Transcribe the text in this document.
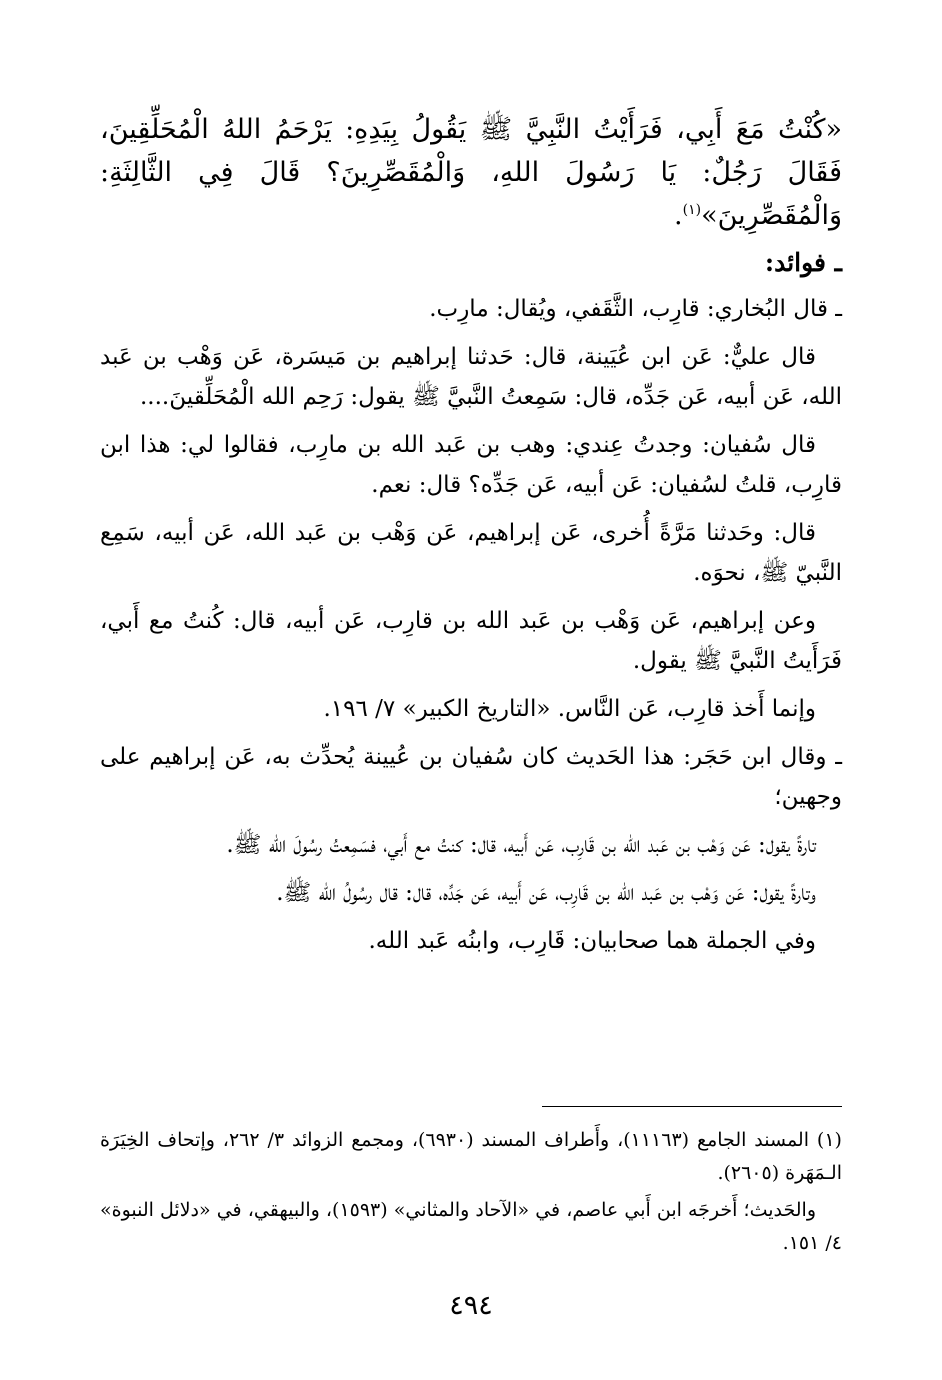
«كُنْتُ مَعَ أَبِي، فَرَأَيْتُ النَّبِيَّ ﷺ يَقُولُ بِيَدِهِ: يَرْحَمُ اللهُ الْمُحَلِّقِينَ، فَقَالَ رَجُلٌ: يَا رَسُولَ اللهِ، وَالْمُقَصِّرِينَ؟ قَالَ فِي الثَّالِثَةِ: وَالْمُقَصِّرِينَ»$^{(١)}$.

ـ فوائد:

ـ قال البُخاري: قارِب، الثَّقَفي، ويُقال: مارِب.

قال عليٌّ: عَن ابن عُيَينة، قال: حَدثنا إبراهيم بن مَيسَرة، عَن وَهْب بن عَبد الله، عَن أبيه، عَن جَدِّه، قال: سَمِعتُ النَّبيَّ ﷺ يقول: رَحِم الله الْمُحَلِّقينَ....

قال سُفيان: وجدتُ عِندي: وهب بن عَبد الله بن مارِب، فقالوا لي: هذا ابن قارِب، قلتُ لسُفيان: عَن أبيه، عَن جَدِّه؟ قال: نعم.

قال: وحَدثنا مَرَّةً أُخرى، عَن إبراهيم، عَن وَهْب بن عَبد الله، عَن أبيه، سَمِع النَّبيّ ﷺ، نحوَه.

وعن إبراهيم، عَن وَهْب بن عَبد الله بن قارِب، عَن أبيه، قال: كُنتُ مع أَبي، فَرَأَيتُ النَّبيَّ ﷺ يقول.

وإنما أَخذ قارِب، عَن النَّاس. «التاريخ الكبير» ٧/ ١٩٦.

ـ وقال ابن حَجَر: هذا الحَديث كان سُفيان بن عُيينة يُحدِّث به، عَن إبراهيم على وجهين؛

تارةً يقول: عَن وَهْب بن عَبد الله بن قَارِب، عَن أَبيه، قال: كنتُ مع أَبي، فسَمِعتُ رسُولَ الله ﷺ.

وتارةً يقول: عَن وَهْب بن عَبد الله بن قَارِب، عَن أَبيه، عَن جَدِّه، قال: قال رسُولُ الله ﷺ.

وفي الجملة هما صحابيان: قَارِب، وابنُه عَبد الله.

(١) المسند الجامع (١١١٦٣)، وأَطراف المسند (٦٩٣٠)، ومجمع الزوائد ٣/ ٢٦٢، وإتحاف الخِيَرَة الـمَهَرة (٢٦٠٥).

والحَديث؛ أَخرجَه ابن أَبي عاصم، في «الآحاد والمثاني» (١٥٩٣)، والبيهقي، في «دلائل النبوة» ٤/ ١٥١.

٤٩٤
